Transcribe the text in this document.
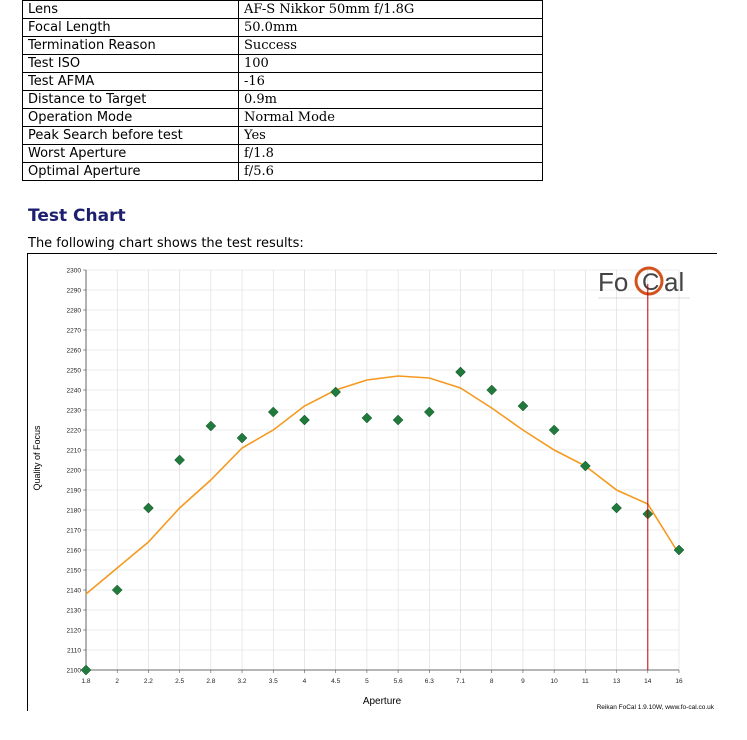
Lens	AF-S Nikkor 50mm f/1.8G
Focal Length	50.0mm
Termination Reason	Success
Test ISO	100
Test AFMA	-16
Distance to Target	0.9m
Operation Mode	Normal Mode
Peak Search before test	Yes
Worst Aperture	f/1.8
Optimal Aperture	f/5.6
Test Chart

The following chart shows the test results:

2100
2110
2120
2130
2140
2150
2160
2170
2180
2190
2200
2210
2220
2230
2240
2250
2260
2270
2280
2290
2300
1.8	2	2.2	2.5	2.8	3.2	3.5	4	4.5	5	5.6	6.3	7.1	8	9	10	11	13	14	16
Fo C al
Aperture
Quality of Focus
Reikan FoCal 1.9.10W, www.fo-cal.co.uk
